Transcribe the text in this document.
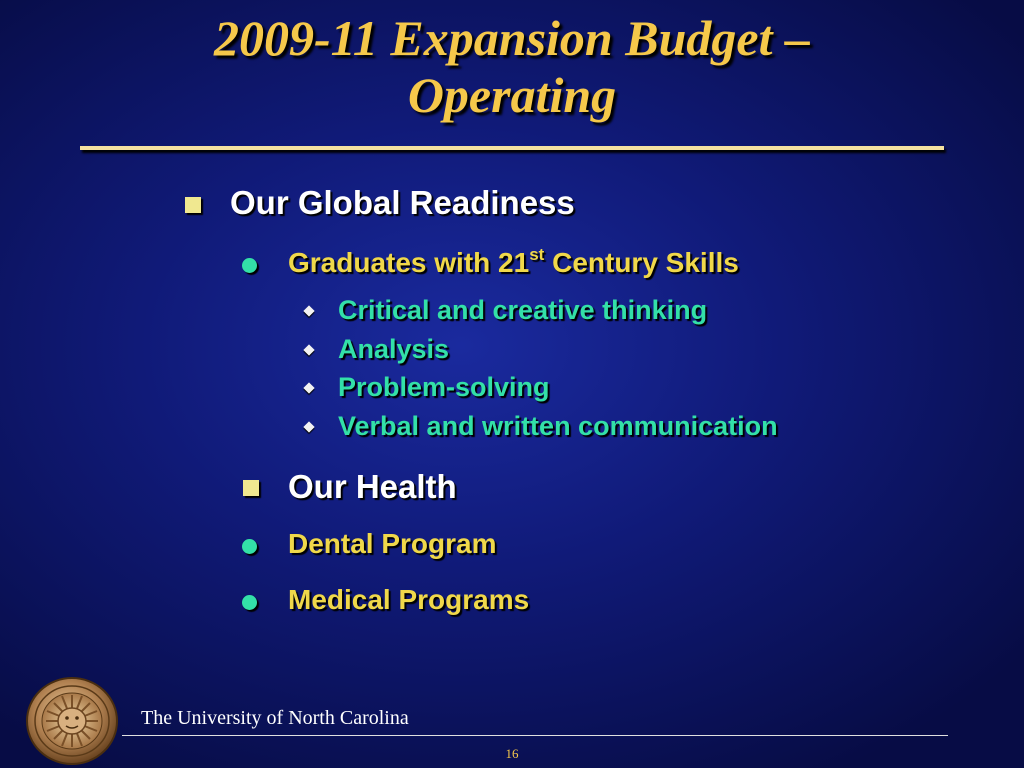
2009-11 Expansion Budget –
Operating
Our Global Readiness
Graduates with 21st Century Skills
Critical and creative thinking
Analysis
Problem-solving
Verbal and written communication
Our Health
Dental Program
Medical Programs
The University of North Carolina
16
